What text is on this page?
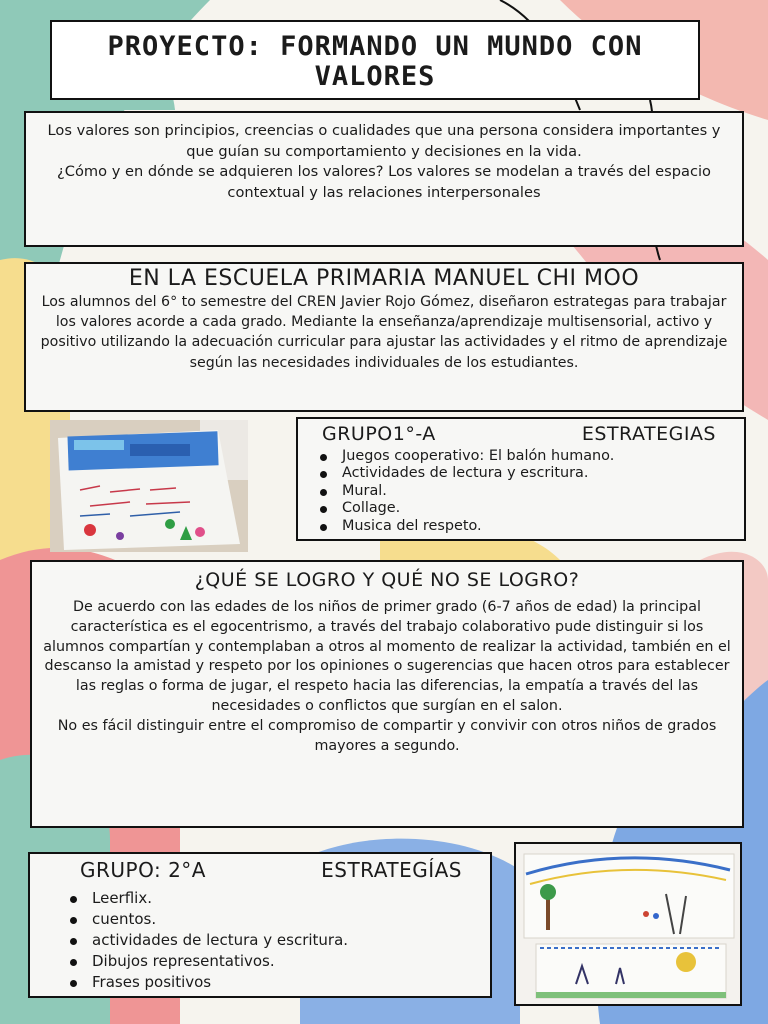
PROYECTO: FORMANDO UN MUNDO CON VALORES

Los valores son principios, creencias o cualidades que una persona considera importantes y que guían su comportamiento y decisiones en la vida.
¿Cómo y en dónde se adquieren los valores? Los valores se modelan a través del espacio contextual y las relaciones interpersonales

EN LA ESCUELA PRIMARIA MANUEL CHI MOO

Los alumnos del 6° to semestre del CREN Javier Rojo Gómez, diseñaron estrategas para trabajar los valores acorde a cada grado. Mediante la enseñanza/aprendizaje multisensorial, activo y positivo utilizando la adecuación curricular para ajustar las actividades y el ritmo de aprendizaje según las necesidades individuales de los estudiantes.

GRUPO1°-A	ESTRATEGIAS
Juegos cooperativo: El balón humano.
Actividades de lectura y escritura.
Mural.
Collage.
Musica del respeto.
¿QUÉ SE LOGRO Y QUÉ NO SE LOGRO?

De acuerdo con las edades de los niños de primer grado (6-7 años de edad) la principal característica es el egocentrismo, a través del trabajo colaborativo pude distinguir si los alumnos compartían y contemplaban a otros al momento de realizar la actividad, también en el descanso la amistad y respeto por los opiniones o sugerencias que hacen otros para establecer las reglas o forma de jugar, el respeto hacia las diferencias, la empatía a través del las necesidades o conflictos que surgían en el salon.
No es fácil distinguir entre el compromiso de compartir y convivir con otros niños de grados mayores a segundo.

GRUPO: 2°A	ESTRATEGÍAS
Leerflix.
cuentos.
actividades de lectura y escritura.
Dibujos representativos.
Frases positivos
